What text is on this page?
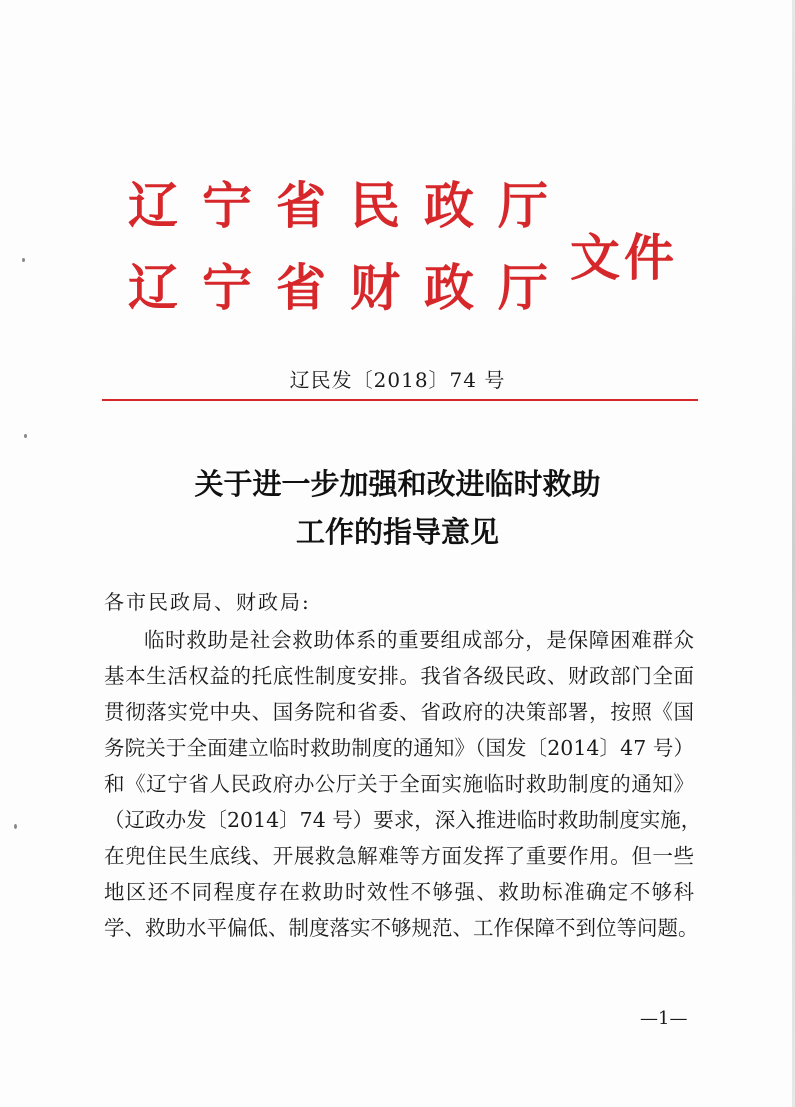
辽宁省民政厅
辽宁省财政厅
文件
辽民发〔2018〕74 号
关于进一步加强和改进临时救助
工作的指导意见
各市民政局、财政局:
临时救助是社会救助体系的重要组成部分，是保障困难群众
基本生活权益的托底性制度安排。我省各级民政、财政部门全面
贯彻落实党中央、国务院和省委、省政府的决策部署，按照《国
务院关于全面建立临时救助制度的通知》（国发〔2014〕47 号）
和《辽宁省人民政府办公厅关于全面实施临时救助制度的通知》
（辽政办发〔2014〕74 号）要求，深入推进临时救助制度实施，
在兜住民生底线、开展救急解难等方面发挥了重要作用。但一些
地区还不同程度存在救助时效性不够强、救助标准确定不够科
学、救助水平偏低、制度落实不够规范、工作保障不到位等问题。
—1—
